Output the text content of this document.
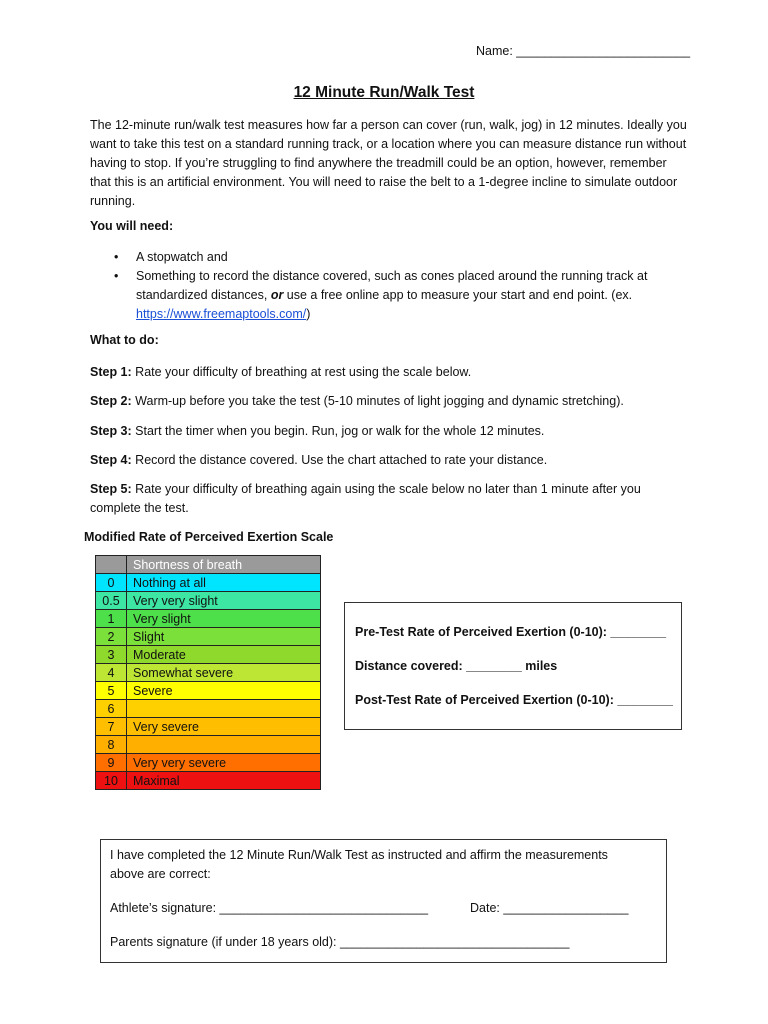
Name: _________________________
12 Minute Run/Walk Test
The 12-minute run/walk test measures how far a person can cover (run, walk, jog) in 12 minutes. Ideally you want to take this test on a standard running track, or a location where you can measure distance run without having to stop. If you’re struggling to find anywhere the treadmill could be an option, however, remember that this is an artificial environment. You will need to raise the belt to a 1-degree incline to simulate outdoor running.
You will need:
• A stopwatch and
• Something to record the distance covered, such as cones placed around the running track at standardized distances, or use a free online app to measure your start and end point. (ex. https://www.freemaptools.com/)
What to do:
Step 1: Rate your difficulty of breathing at rest using the scale below.
Step 2: Warm-up before you take the test (5-10 minutes of light jogging and dynamic stretching).
Step 3: Start the timer when you begin. Run, jog or walk for the whole 12 minutes.
Step 4: Record the distance covered. Use the chart attached to rate your distance.
Step 5: Rate your difficulty of breathing again using the scale below no later than 1 minute after you complete the test.
Modified Rate of Perceived Exertion Scale
	Shortness of breath
0	Nothing at all
0.5	Very very slight
1	Very slight
2	Slight
3	Moderate
4	Somewhat severe
5	Severe
6	
7	Very severe
8	
9	Very very severe
10	Maximal
Pre-Test Rate of Perceived Exertion (0-10): ________
Distance covered: ________ miles
Post-Test Rate of Perceived Exertion (0-10): ________
I have completed the 12 Minute Run/Walk Test as instructed and affirm the measurements
above are correct:
Athlete’s signature: ______________________________	Date: __________________
Parents signature (if under 18 years old): _________________________________
